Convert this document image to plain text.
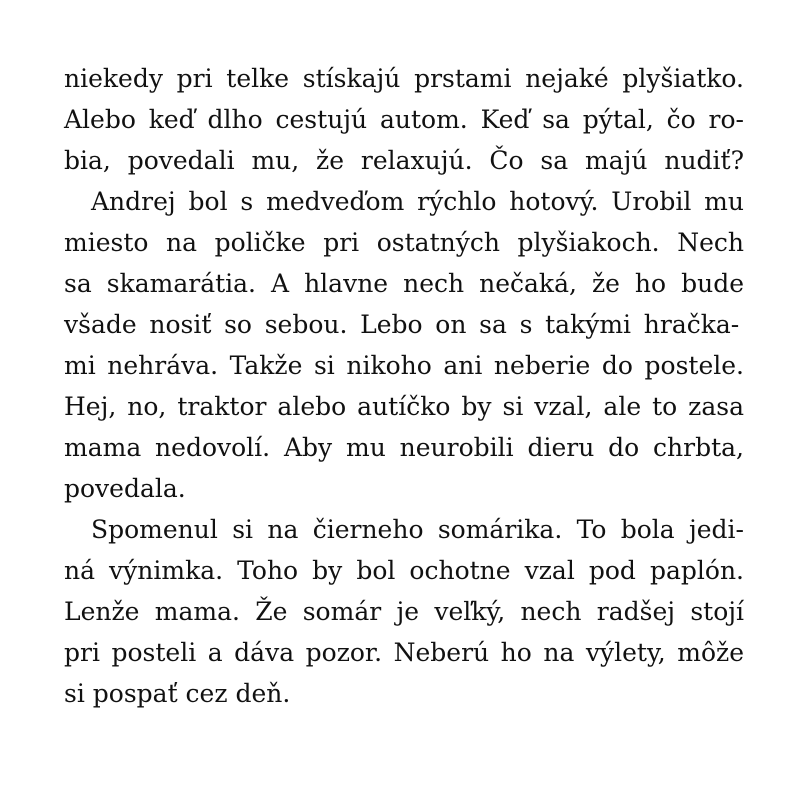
niekedy pri telke stískajú prstami nejaké plyšiatko.
Alebo keď dlho cestujú autom. Keď sa pýtal, čo ro-
bia, povedali mu, že relaxujú. Čo sa majú nudiť?
Andrej bol s medveďom rýchlo hotový. Urobil mu
miesto na poličke pri ostatných plyšiakoch. Nech
sa skamarátia. A hlavne nech nečaká, že ho bude
všade nosiť so sebou. Lebo on sa s takými hračka-
mi nehráva. Takže si nikoho ani neberie do postele.
Hej, no, traktor alebo autíčko by si vzal, ale to zasa
mama nedovolí. Aby mu neurobili dieru do chrbta,
povedala.
Spomenul si na čierneho somárika. To bola jedi-
ná výnimka. Toho by bol ochotne vzal pod paplón.
Lenže mama. Že somár je veľký, nech radšej stojí
pri posteli a dáva pozor. Neberú ho na výlety, môže
si pospať cez deň.
